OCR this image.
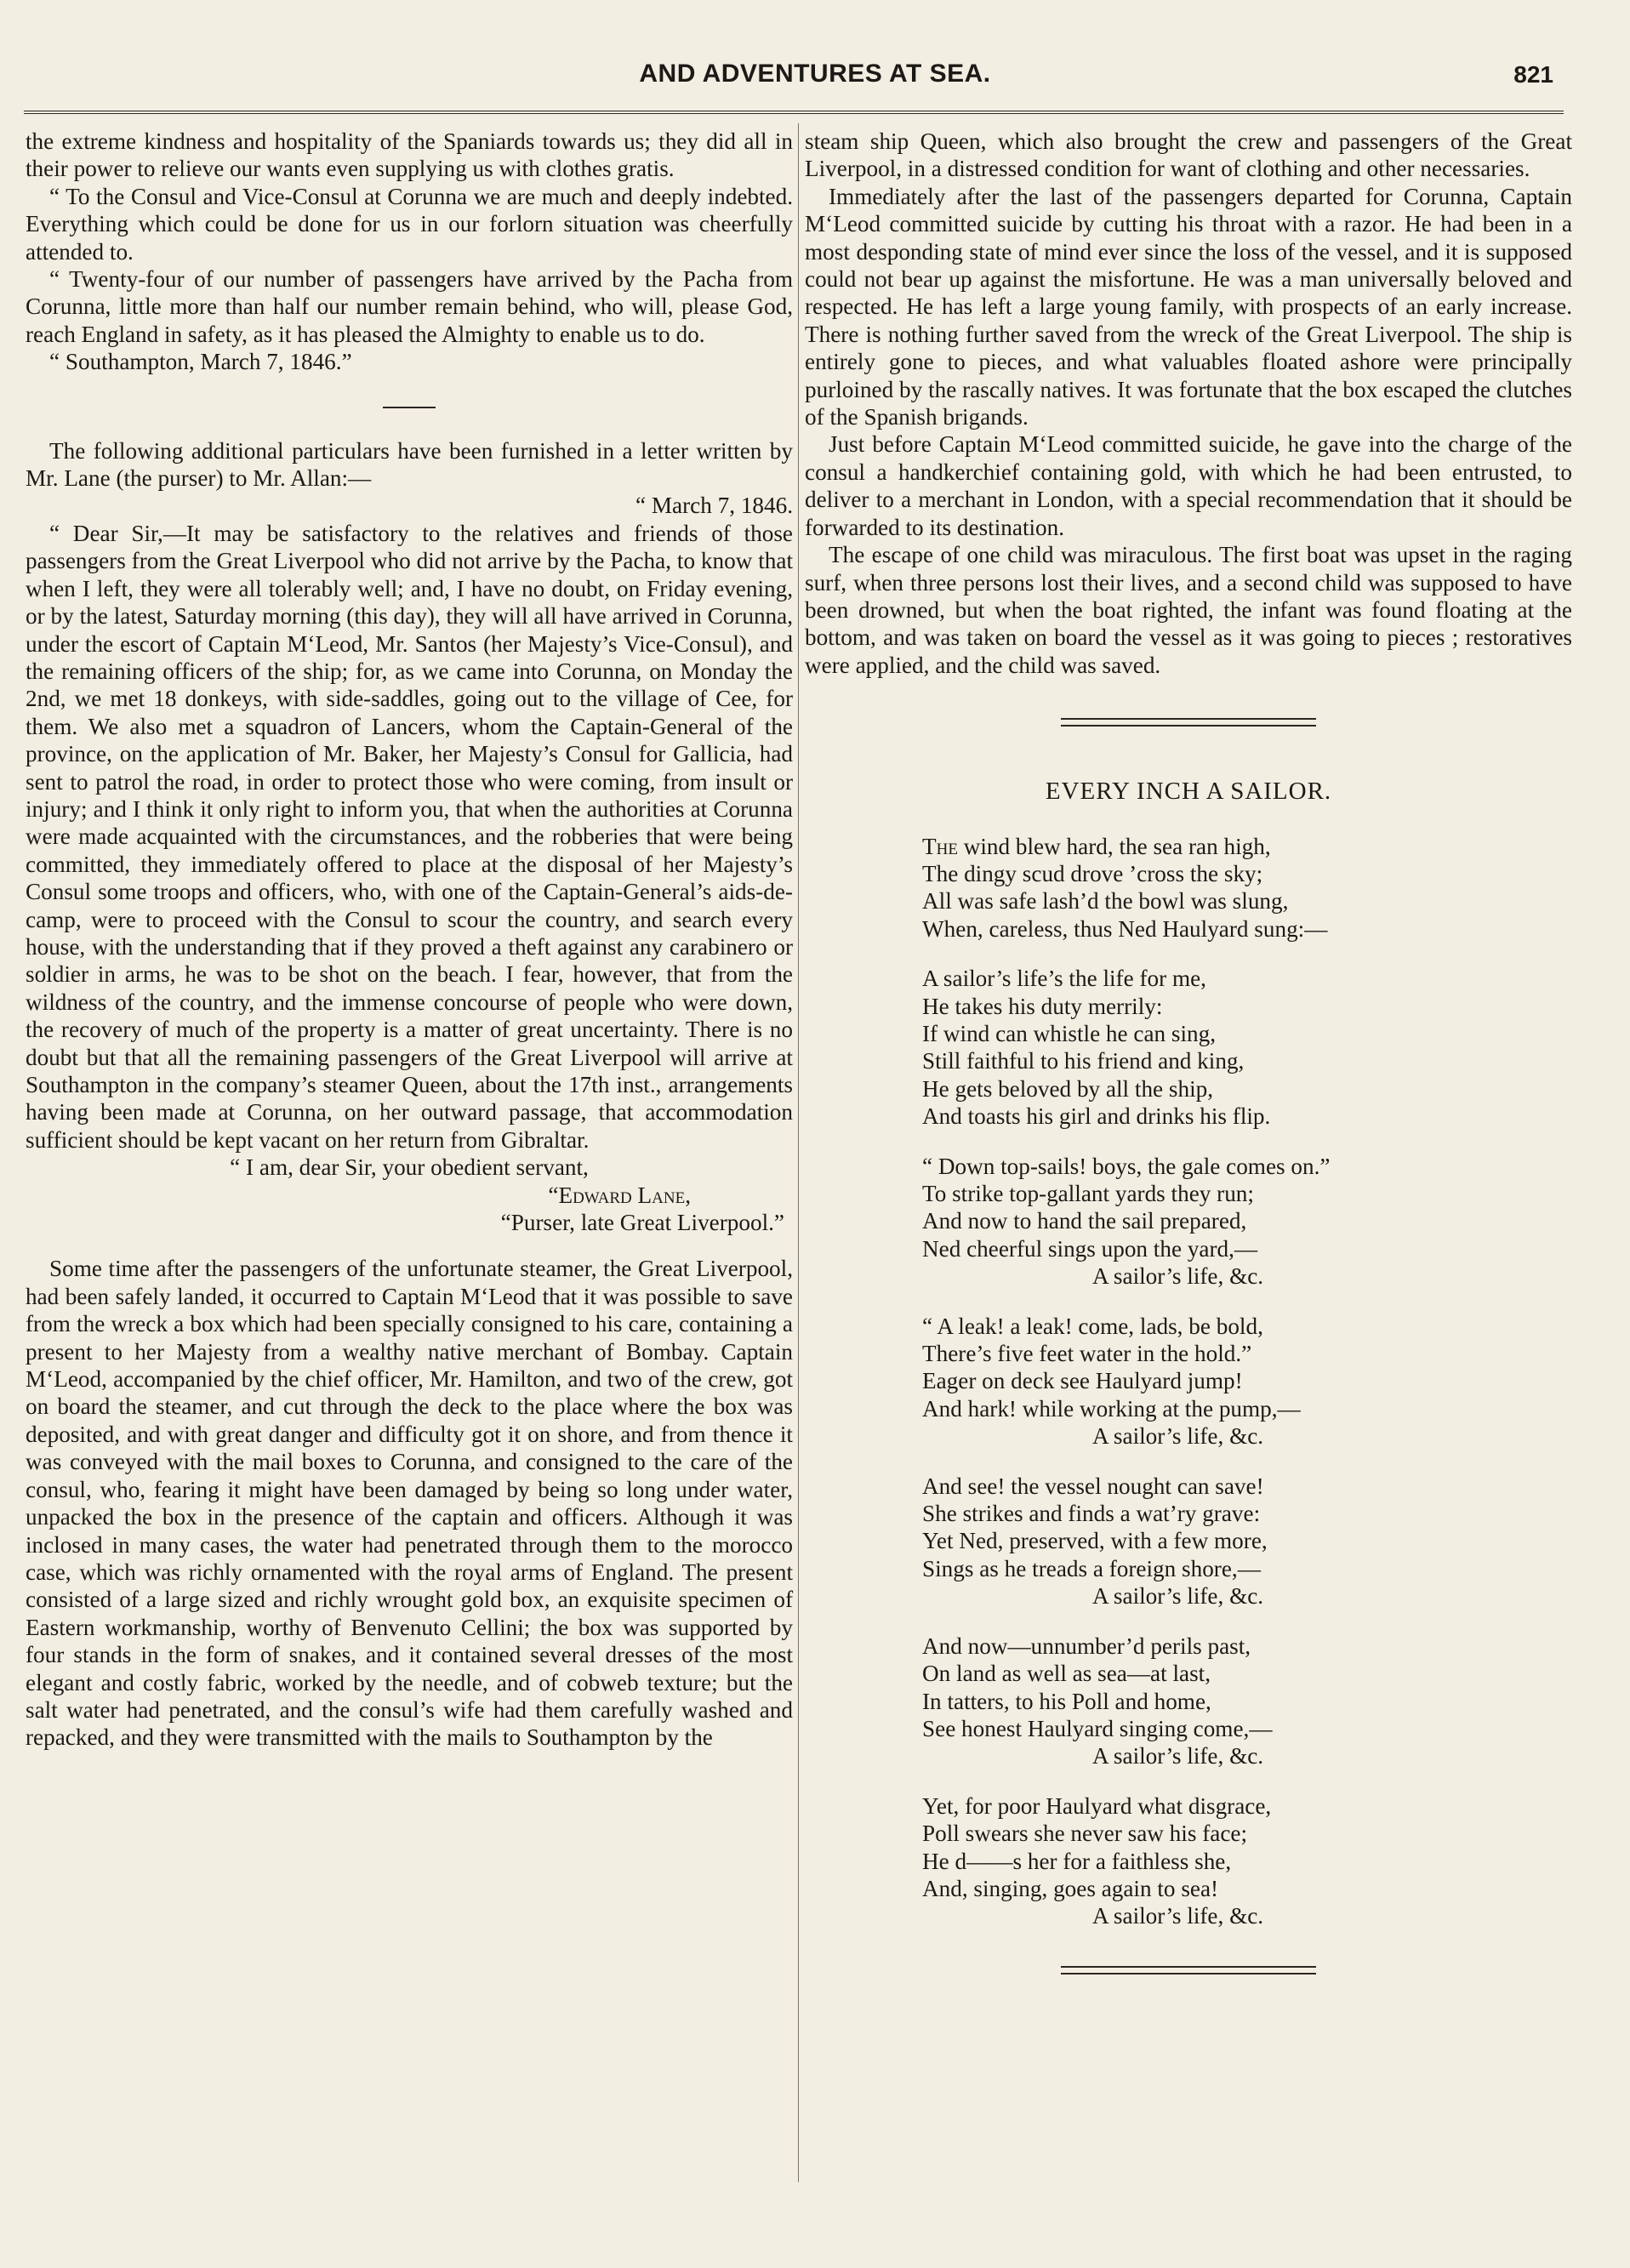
AND ADVENTURES AT SEA.	821

the extreme kindness and hospitality of the Spaniards towards us; they did all in their power to relieve our wants even supplying us with clothes gratis.

“ To the Consul and Vice-Consul at Corunna we are much and deeply indebted. Everything which could be done for us in our forlorn situation was cheerfully attended to.

“ Twenty-four of our number of passengers have arrived by the Pacha from Corunna, little more than half our number remain behind, who will, please God, reach England in safety, as it has pleased the Almighty to enable us to do.

“ Southampton, March 7, 1846.”

The following additional particulars have been furnished in a letter written by Mr. Lane (the purser) to Mr. Allan:—

“ March 7, 1846.

“ Dear Sir,—It may be satisfactory to the relatives and friends of those passengers from the Great Liverpool who did not arrive by the Pacha, to know that when I left, they were all tolerably well; and, I have no doubt, on Friday evening, or by the latest, Saturday morning (this day), they will all have arrived in Corunna, under the escort of Captain M‘Leod, Mr. Santos (her Majesty’s Vice-Consul), and the remaining officers of the ship; for, as we came into Corunna, on Monday the 2nd, we met 18 donkeys, with side-saddles, going out to the village of Cee, for them. We also met a squadron of Lancers, whom the Captain-General of the province, on the application of Mr. Baker, her Majesty’s Consul for Gallicia, had sent to patrol the road, in order to protect those who were coming, from insult or injury; and I think it only right to inform you, that when the authorities at Corunna were made acquainted with the circumstances, and the robberies that were being committed, they immediately offered to place at the disposal of her Majesty’s Consul some troops and officers, who, with one of the Captain-General’s aids-de-camp, were to proceed with the Consul to scour the country, and search every house, with the understanding that if they proved a theft against any carabinero or soldier in arms, he was to be shot on the beach. I fear, however, that from the wildness of the country, and the immense concourse of people who were down, the recovery of much of the property is a matter of great uncertainty. There is no doubt but that all the remaining passengers of the Great Liverpool will arrive at Southampton in the company’s steamer Queen, about the 17th inst., arrangements having been made at Corunna, on her outward passage, that accommodation sufficient should be kept vacant on her return from Gibraltar.

“ I am, dear Sir, your obedient servant,

“Edward Lane,

“Purser, late Great Liverpool.”

Some time after the passengers of the unfortunate steamer, the Great Liverpool, had been safely landed, it occurred to Captain M‘Leod that it was possible to save from the wreck a box which had been specially consigned to his care, containing a present to her Majesty from a wealthy native merchant of Bombay. Captain M‘Leod, accompanied by the chief officer, Mr. Hamilton, and two of the crew, got on board the steamer, and cut through the deck to the place where the box was deposited, and with great danger and difficulty got it on shore, and from thence it was conveyed with the mail boxes to Corunna, and consigned to the care of the consul, who, fearing it might have been damaged by being so long under water, unpacked the box in the presence of the captain and officers. Although it was inclosed in many cases, the water had penetrated through them to the morocco case, which was richly ornamented with the royal arms of England. The present consisted of a large sized and richly wrought gold box, an exquisite specimen of Eastern workmanship, worthy of Benvenuto Cellini; the box was supported by four stands in the form of snakes, and it contained several dresses of the most elegant and costly fabric, worked by the needle, and of cobweb texture; but the salt water had penetrated, and the consul’s wife had them carefully washed and repacked, and they were transmitted with the mails to Southampton by the

steam ship Queen, which also brought the crew and passengers of the Great Liverpool, in a distressed condition for want of clothing and other necessaries.

Immediately after the last of the passengers departed for Corunna, Captain M‘Leod committed suicide by cutting his throat with a razor. He had been in a most desponding state of mind ever since the loss of the vessel, and it is supposed could not bear up against the misfortune. He was a man universally beloved and respected. He has left a large young family, with prospects of an early increase. There is nothing further saved from the wreck of the Great Liverpool. The ship is entirely gone to pieces, and what valuables floated ashore were principally purloined by the rascally natives. It was fortunate that the box escaped the clutches of the Spanish brigands.

Just before Captain M‘Leod committed suicide, he gave into the charge of the consul a handkerchief containing gold, with which he had been entrusted, to deliver to a merchant in London, with a special recommendation that it should be forwarded to its destination.

The escape of one child was miraculous. The first boat was upset in the raging surf, when three persons lost their lives, and a second child was supposed to have been drowned, but when the boat righted, the infant was found floating at the bottom, and was taken on board the vessel as it was going to pieces ; restoratives were applied, and the child was saved.

EVERY INCH A SAILOR.
The wind blew hard, the sea ran high,
The dingy scud drove ’cross the sky;
All was safe lash’d the bowl was slung,
When, careless, thus Ned Haulyard sung:—
A sailor’s life’s the life for me,
He takes his duty merrily:
If wind can whistle he can sing,
Still faithful to his friend and king,
He gets beloved by all the ship,
And toasts his girl and drinks his flip.
“ Down top-sails! boys, the gale comes on.”
To strike top-gallant yards they run;
And now to hand the sail prepared,
Ned cheerful sings upon the yard,—
A sailor’s life, &c.
“ A leak! a leak! come, lads, be bold,
There’s five feet water in the hold.”
Eager on deck see Haulyard jump!
And hark! while working at the pump,—
A sailor’s life, &c.
And see! the vessel nought can save!
She strikes and finds a wat’ry grave:
Yet Ned, preserved, with a few more,
Sings as he treads a foreign shore,—
A sailor’s life, &c.
And now—unnumber’d perils past,
On land as well as sea—at last,
In tatters, to his Poll and home,
See honest Haulyard singing come,—
A sailor’s life, &c.
Yet, for poor Haulyard what disgrace,
Poll swears she never saw his face;
He d——s her for a faithless she,
And, singing, goes again to sea!
A sailor’s life, &c.
